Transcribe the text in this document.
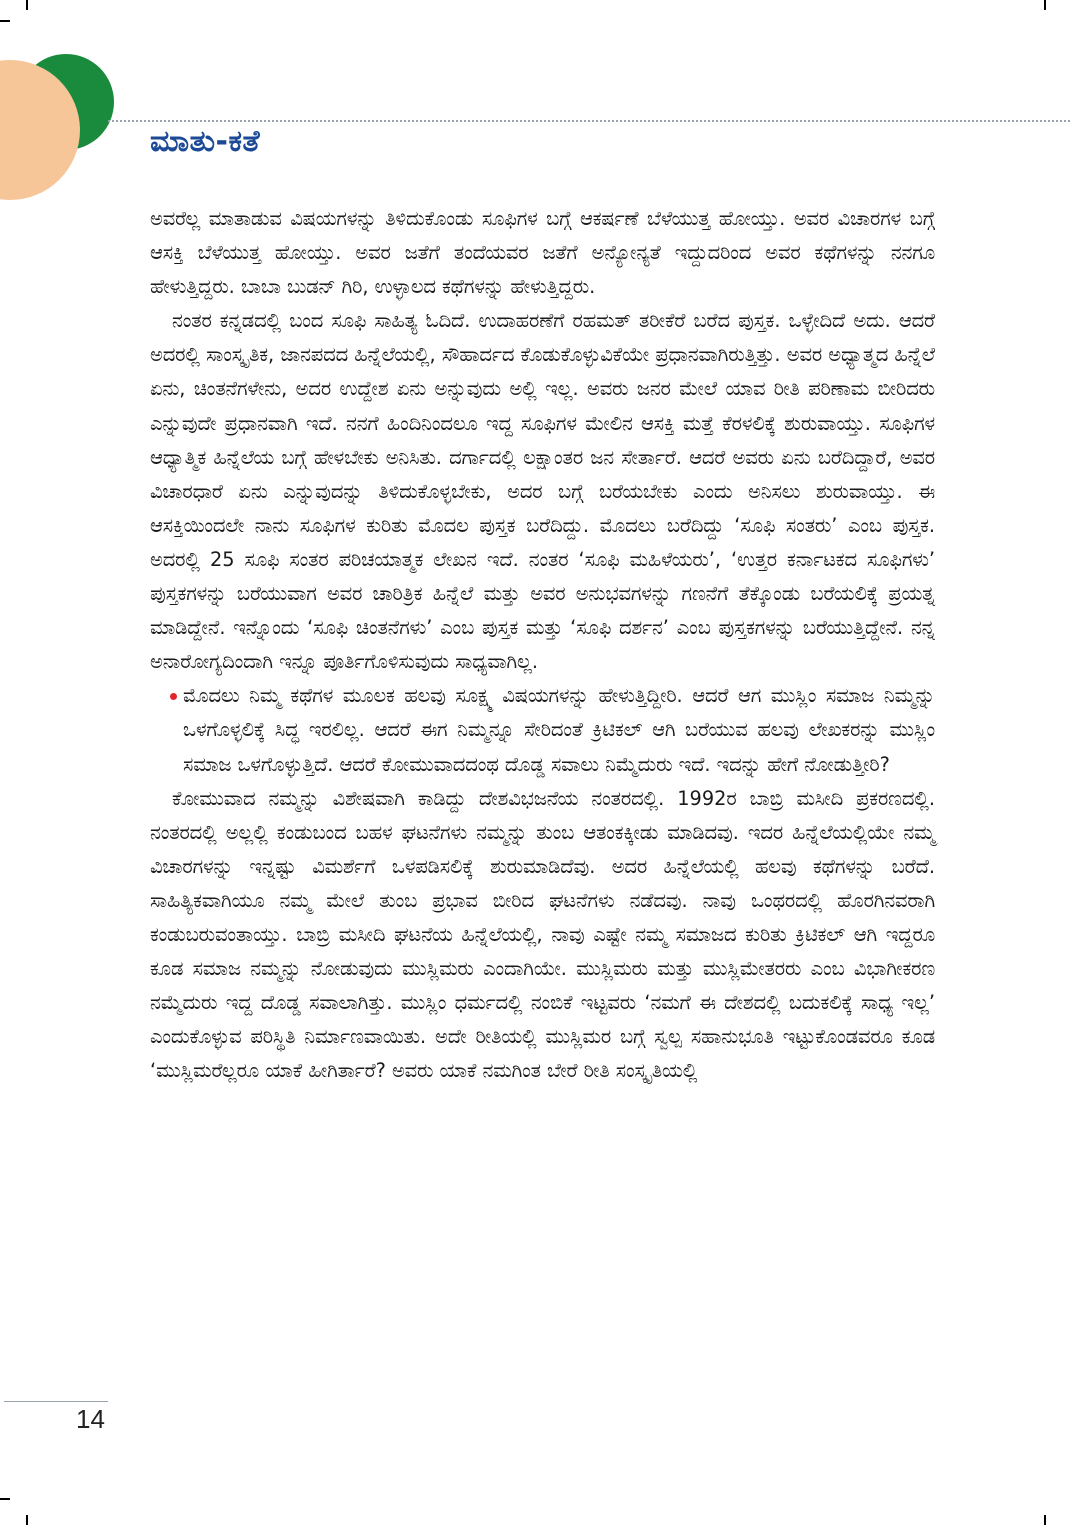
ಮಾತು-ಕತೆ

ಅವರೆಲ್ಲ ಮಾತಾಡುವ ವಿಷಯಗಳನ್ನು ತಿಳಿದುಕೊಂಡು ಸೂಫಿಗಳ ಬಗ್ಗೆ ಆಕರ್ಷಣೆ ಬೆಳೆಯುತ್ತ ಹೋಯ್ತು. ಅವರ ವಿಚಾರಗಳ ಬಗ್ಗೆ ಆಸಕ್ತಿ ಬೆಳೆಯುತ್ತ ಹೋಯ್ತು. ಅವರ ಜತೆಗೆ ತಂದೆಯವರ ಜತೆಗೆ ಅನ್ಯೋನ್ಯತೆ ಇದ್ದುದರಿಂದ ಅವರ ಕಥೆಗಳನ್ನು ನನಗೂ ಹೇಳುತ್ತಿದ್ದರು. ಬಾಬಾ ಬುಡನ್ ಗಿರಿ, ಉಳ್ಳಾಲದ ಕಥೆಗಳನ್ನು ಹೇಳುತ್ತಿದ್ದರು.

ನಂತರ ಕನ್ನಡದಲ್ಲಿ ಬಂದ ಸೂಫಿ ಸಾಹಿತ್ಯ ಓದಿದೆ. ಉದಾಹರಣೆಗೆ ರಹಮತ್ ತರೀಕೆರೆ ಬರೆದ ಪುಸ್ತಕ. ಒಳ್ಳೇದಿದೆ ಅದು. ಆದರೆ ಅದರಲ್ಲಿ ಸಾಂಸ್ಕೃತಿಕ, ಜಾನಪದದ ಹಿನ್ನೆಲೆಯಲ್ಲಿ, ಸೌಹಾರ್ದದ ಕೊಡುಕೊಳ್ಳುವಿಕೆಯೇ ಪ್ರಧಾನವಾಗಿರುತ್ತಿತ್ತು. ಅವರ ಅಧ್ಯಾತ್ಮದ ಹಿನ್ನೆಲೆ ಏನು, ಚಿಂತನೆಗಳೇನು, ಅದರ ಉದ್ದೇಶ ಏನು ಅನ್ನುವುದು ಅಲ್ಲಿ ಇಲ್ಲ. ಅವರು ಜನರ ಮೇಲೆ ಯಾವ ರೀತಿ ಪರಿಣಾಮ ಬೀರಿದರು ಎನ್ನುವುದೇ ಪ್ರಧಾನವಾಗಿ ಇದೆ. ನನಗೆ ಹಿಂದಿನಿಂದಲೂ ಇದ್ದ ಸೂಫಿಗಳ ಮೇಲಿನ ಆಸಕ್ತಿ ಮತ್ತೆ ಕೆರಳಲಿಕ್ಕೆ ಶುರುವಾಯ್ತು. ಸೂಫಿಗಳ ಆಧ್ಯಾತ್ಮಿಕ ಹಿನ್ನೆಲೆಯ ಬಗ್ಗೆ ಹೇಳಬೇಕು ಅನಿಸಿತು. ದರ್ಗಾದಲ್ಲಿ ಲಕ್ಷಾಂತರ ಜನ ಸೇರ್ತಾರೆ. ಆದರೆ ಅವರು ಏನು ಬರೆದಿದ್ದಾರೆ, ಅವರ ವಿಚಾರಧಾರೆ ಏನು ಎನ್ನುವುದನ್ನು ತಿಳಿದುಕೊಳ್ಳಬೇಕು, ಅದರ ಬಗ್ಗೆ ಬರೆಯಬೇಕು ಎಂದು ಅನಿಸಲು ಶುರುವಾಯ್ತು. ಈ ಆಸಕ್ತಿಯಿಂದಲೇ ನಾನು ಸೂಫಿಗಳ ಕುರಿತು ಮೊದಲ ಪುಸ್ತಕ ಬರೆದಿದ್ದು. ಮೊದಲು ಬರೆದಿದ್ದು ‘ಸೂಫಿ ಸಂತರು’ ಎಂಬ ಪುಸ್ತಕ. ಅದರಲ್ಲಿ 25 ಸೂಫಿ ಸಂತರ ಪರಿಚಯಾತ್ಮಕ ಲೇಖನ ಇದೆ. ನಂತರ ‘ಸೂಫಿ ಮಹಿಳೆಯರು’, ‘ಉತ್ತರ ಕರ್ನಾಟಕದ ಸೂಫಿಗಳು’ ಪುಸ್ತಕಗಳನ್ನು ಬರೆಯುವಾಗ ಅವರ ಚಾರಿತ್ರಿಕ ಹಿನ್ನೆಲೆ ಮತ್ತು ಅವರ ಅನುಭವಗಳನ್ನು ಗಣನೆಗೆ ತೆಕ್ಕೊಂಡು ಬರೆಯಲಿಕ್ಕೆ ಪ್ರಯತ್ನ ಮಾಡಿದ್ದೇನೆ. ಇನ್ನೊಂದು ‘ಸೂಫಿ ಚಿಂತನೆಗಳು’ ಎಂಬ ಪುಸ್ತಕ ಮತ್ತು ‘ಸೂಫಿ ದರ್ಶನ’ ಎಂಬ ಪುಸ್ತಕಗಳನ್ನು ಬರೆಯುತ್ತಿದ್ದೇನೆ. ನನ್ನ ಅನಾರೋಗ್ಯದಿಂದಾಗಿ ಇನ್ನೂ ಪೂರ್ತಿಗೊಳಿಸುವುದು ಸಾಧ್ಯವಾಗಿಲ್ಲ.

ಮೊದಲು ನಿಮ್ಮ ಕಥೆಗಳ ಮೂಲಕ ಹಲವು ಸೂಕ್ಷ್ಮ ವಿಷಯಗಳನ್ನು ಹೇಳುತ್ತಿದ್ದೀರಿ. ಆದರೆ ಆಗ ಮುಸ್ಲಿಂ ಸಮಾಜ ನಿಮ್ಮನ್ನು ಒಳಗೊಳ್ಳಲಿಕ್ಕೆ ಸಿದ್ಧ ಇರಲಿಲ್ಲ. ಆದರೆ ಈಗ ನಿಮ್ಮನ್ನೂ ಸೇರಿದಂತೆ ಕ್ರಿಟಿಕಲ್ ಆಗಿ ಬರೆಯುವ ಹಲವು ಲೇಖಕರನ್ನು ಮುಸ್ಲಿಂ ಸಮಾಜ ಒಳಗೊಳ್ಳುತ್ತಿದೆ. ಆದರೆ ಕೋಮುವಾದದಂಥ ದೊಡ್ಡ ಸವಾಲು ನಿಮ್ಮೆದುರು ಇದೆ. ಇದನ್ನು ಹೇಗೆ ನೋಡುತ್ತೀರಿ?

ಕೋಮುವಾದ ನಮ್ಮನ್ನು ವಿಶೇಷವಾಗಿ ಕಾಡಿದ್ದು ದೇಶವಿಭಜನೆಯ ನಂತರದಲ್ಲಿ. 1992ರ ಬಾಬ್ರಿ ಮಸೀದಿ ಪ್ರಕರಣದಲ್ಲಿ. ನಂತರದಲ್ಲಿ ಅಲ್ಲಲ್ಲಿ ಕಂಡುಬಂದ ಬಹಳ ಘಟನೆಗಳು ನಮ್ಮನ್ನು ತುಂಬ ಆತಂಕಕ್ಕೀಡು ಮಾಡಿದವು. ಇದರ ಹಿನ್ನೆಲೆಯಲ್ಲಿಯೇ ನಮ್ಮ ವಿಚಾರಗಳನ್ನು ಇನ್ನಷ್ಟು ವಿಮರ್ಶೆಗೆ ಒಳಪಡಿಸಲಿಕ್ಕೆ ಶುರುಮಾಡಿದೆವು. ಅದರ ಹಿನ್ನೆಲೆಯಲ್ಲಿ ಹಲವು ಕಥೆಗಳನ್ನು ಬರೆದೆ. ಸಾಹಿತ್ಯಿಕವಾಗಿಯೂ ನಮ್ಮ ಮೇಲೆ ತುಂಬ ಪ್ರಭಾವ ಬೀರಿದ ಘಟನೆಗಳು ನಡೆದವು. ನಾವು ಒಂಥರದಲ್ಲಿ ಹೊರಗಿನವರಾಗಿ ಕಂಡುಬರುವಂತಾಯ್ತು. ಬಾಬ್ರಿ ಮಸೀದಿ ಘಟನೆಯ ಹಿನ್ನೆಲೆಯಲ್ಲಿ, ನಾವು ಎಷ್ಟೇ ನಮ್ಮ ಸಮಾಜದ ಕುರಿತು ಕ್ರಿಟಿಕಲ್ ಆಗಿ ಇದ್ದರೂ ಕೂಡ ಸಮಾಜ ನಮ್ಮನ್ನು ನೋಡುವುದು ಮುಸ್ಲಿಮರು ಎಂದಾಗಿಯೇ. ಮುಸ್ಲಿಮರು ಮತ್ತು ಮುಸ್ಲಿಮೇತರರು ಎಂಬ ವಿಭಾಗೀಕರಣ ನಮ್ಮೆದುರು ಇದ್ದ ದೊಡ್ಡ ಸವಾಲಾಗಿತ್ತು. ಮುಸ್ಲಿಂ ಧರ್ಮದಲ್ಲಿ ನಂಬಿಕೆ ಇಟ್ಟವರು ‘ನಮಗೆ ಈ ದೇಶದಲ್ಲಿ ಬದುಕಲಿಕ್ಕೆ ಸಾಧ್ಯ ಇಲ್ಲ’ ಎಂದುಕೊಳ್ಳುವ ಪರಿಸ್ಥಿತಿ ನಿರ್ಮಾಣವಾಯಿತು. ಅದೇ ರೀತಿಯಲ್ಲಿ ಮುಸ್ಲಿಮರ ಬಗ್ಗೆ ಸ್ವಲ್ಪ ಸಹಾನುಭೂತಿ ಇಟ್ಟುಕೊಂಡವರೂ ಕೂಡ ‘ಮುಸ್ಲಿಮರೆಲ್ಲರೂ ಯಾಕೆ ಹೀಗಿರ್ತಾರೆ? ಅವರು ಯಾಕೆ ನಮಗಿಂತ ಬೇರೆ ರೀತಿ ಸಂಸ್ಕೃತಿಯಲ್ಲಿ

14
